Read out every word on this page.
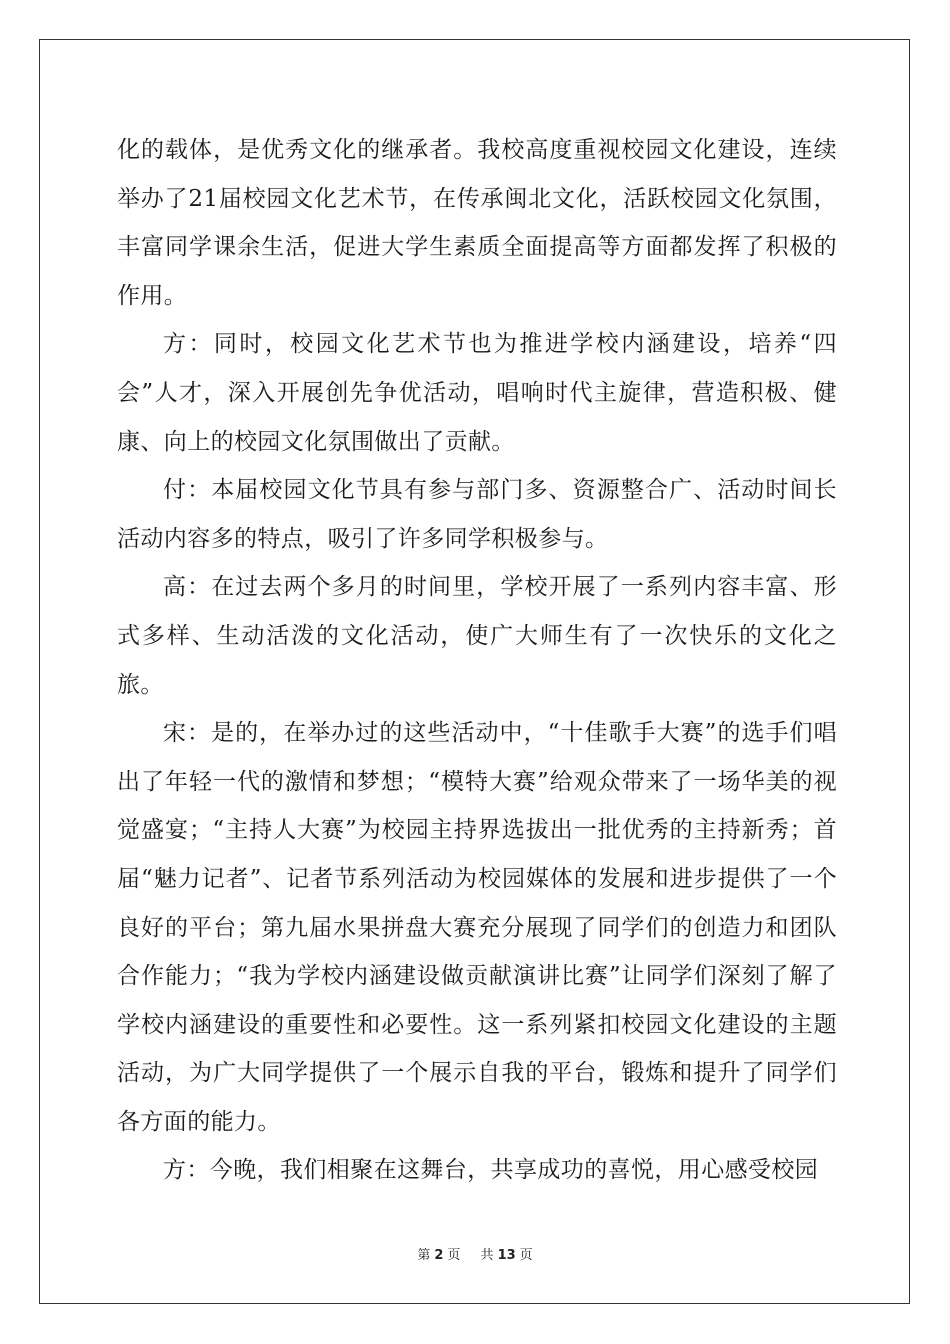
化的载体，是优秀文化的继承者。我校高度重视校园文化建设，连续举办了21届校园文化艺术节，在传承闽北文化，活跃校园文化氛围，丰富同学课余生活，促进大学生素质全面提高等方面都发挥了积极的作用。

方：同时，校园文化艺术节也为推进学校内涵建设，培养“四会”人才，深入开展创先争优活动，唱响时代主旋律，营造积极、健康、向上的校园文化氛围做出了贡献。

付：本届校园文化节具有参与部门多、资源整合广、活动时间长活动内容多的特点，吸引了许多同学积极参与。

高：在过去两个多月的时间里，学校开展了一系列内容丰富、形式多样、生动活泼的文化活动，使广大师生有了一次快乐的文化之旅。

宋：是的，在举办过的这些活动中，“十佳歌手大赛”的选手们唱出了年轻一代的激情和梦想；“模特大赛”给观众带来了一场华美的视觉盛宴；“主持人大赛”为校园主持界选拔出一批优秀的主持新秀；首届“魅力记者”、记者节系列活动为校园媒体的发展和进步提供了一个良好的平台；第九届水果拼盘大赛充分展现了同学们的创造力和团队合作能力；“我为学校内涵建设做贡献演讲比赛”让同学们深刻了解了学校内涵建设的重要性和必要性。这一系列紧扣校园文化建设的主题活动，为广大同学提供了一个展示自我的平台，锻炼和提升了同学们各方面的能力。

方：今晚，我们相聚在这舞台，共享成功的喜悦，用心感受校园

第 2 页 共 13 页
